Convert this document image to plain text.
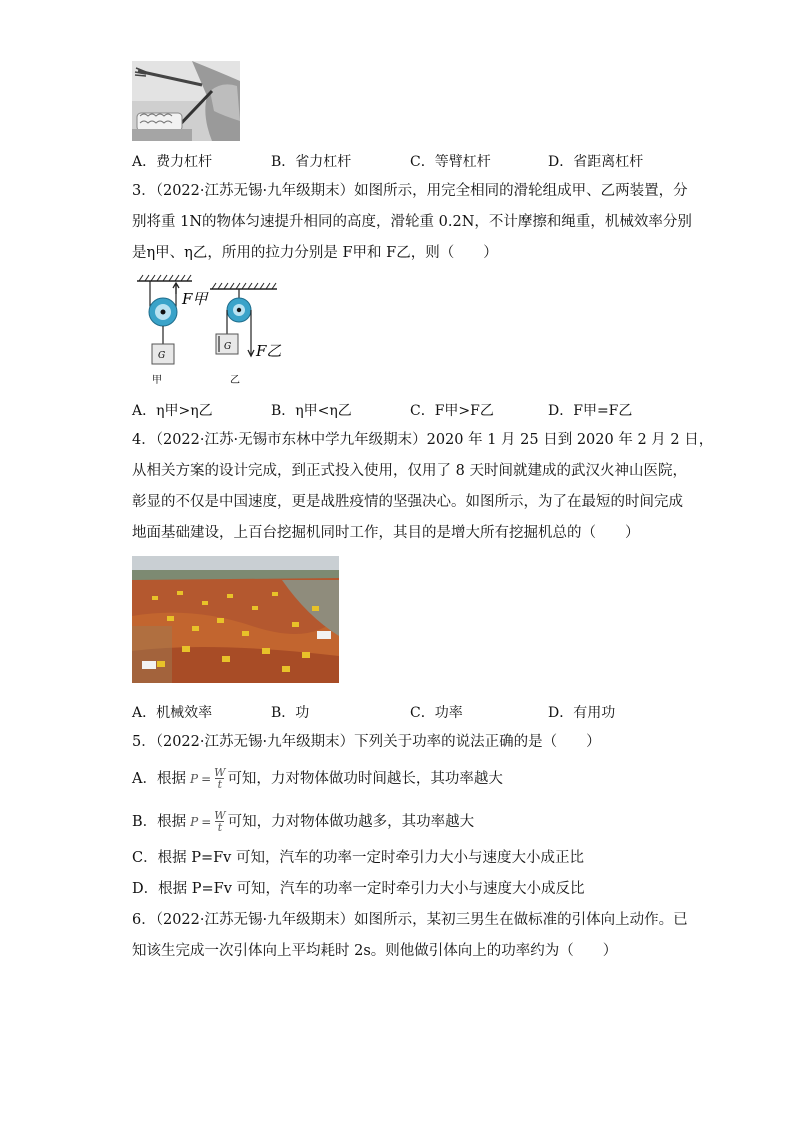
A．费力杠杆	B．省力杠杆	C．等臂杠杆	D．省距离杠杆
3．（2022·江苏无锡·九年级期末）如图所示，用完全相同的滑轮组成甲、乙两装置，分
别将重 1N的物体匀速提升相同的高度，滑轮重 0.2N，不计摩擦和绳重，机械效率分别
是η甲、η乙，所用的拉力分别是 F甲和 F乙，则（　　）
F甲
G
甲
G F乙
乙
A．η甲>η乙	B．η甲<η乙	C．F甲>F乙	D．F甲=F乙
4．（2022·江苏·无锡市东林中学九年级期末）2020 年 1 月 25 日到 2020 年 2 月 2 日，
从相关方案的设计完成，到正式投入使用，仅用了 8 天时间就建成的武汉火神山医院，
彰显的不仅是中国速度，更是战胜疫情的坚强决心。如图所示，为了在最短的时间完成
地面基础建设，上百台挖掘机同时工作，其目的是增大所有挖掘机总的（　　）
A．机械效率	B．功	C．功率	D．有用功
5．（2022·江苏无锡·九年级期末）下列关于功率的说法正确的是（　　）
A．根据 P = W
t 可知，力对物体做功时间越长，其功率越大
B．根据 P = W
t 可知，力对物体做功越多，其功率越大
C．根据 P=Fv 可知，汽车的功率一定时牵引力大小与速度大小成正比
D．根据 P=Fv 可知，汽车的功率一定时牵引力大小与速度大小成反比
6．（2022·江苏无锡·九年级期末）如图所示，某初三男生在做标准的引体向上动作。已
知该生完成一次引体向上平均耗时 2s。则他做引体向上的功率约为（　　）
